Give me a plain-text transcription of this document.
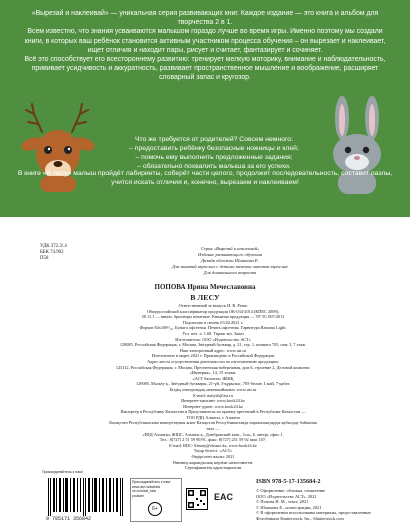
«Вырезай и наклеивай» — уникальная серия развивающих книг. Каждое издание — это книга и альбом для творчества 2 в 1.

Всем известно, что знания усваиваются малышом гораздо лучше во время игры. Именно поэтому мы создали книги, в которых ваш ребёнок становится активным участником процесса обучения – он вырезает и наклеивает, ищет отличия и находит пары, рисует и считает, фантазирует и сочиняет.

Всё это способствует его всестороннему развитию: тренирует мелкую моторику, внимание и наблюдательность, прививает усидчивость и аккуратность, развивает пространственное мышление и воображение, расширяет словарный запас и кругозор.

Что же требуется от родителей? Совсем немного:

– предоставить ребёнку безопасные ножницы и клей;

– помочь ему выполнить предложенные задания;

– обязательно похвалить малыша за его успехи.

В книге «В лесу» малыш пройдёт лабиринты, соберёт части целого, продолжит последовательность, составит пазлы, учится искать отличия и, конечно, вырезаем и наклеиваем!

УДК 372.3/.4
ББК 74.902
П58
Серия «Вырезай и наклеивай»
Издание развивающего обучения
Дизайн обложки Шашкова Е.
Для занятий взрослых с детьми тексты читают взрослые
Для дошкольного возраста
ПОПОВА Ирина Мечеславовна
В ЛЕСУ
Ответственный за выпуск И. В. Резко
Общероссийский классификатор продукции ОК-034-2014 (КПЕС 2008);
58.11.1 — книги, брошюры печатные. Книжная продукция — ТР ТС 007/2011
Подписано в печать 03.02.2021 г.
Формат 84x108¹/₁₆. Бумага офсетная. Печать офсетная. Гарнитура Ramona Light.
Усл. печ. л. 1,68. Тираж экз. Заказ
Изготовитель: ООО «Издательство АСТ»
129085, Российская Федерация, г. Москва, Звёздный бульвар, д. 21, стр. 1, комната 705, пом. I, 7 этаж.
Наш электронный адрес: www.ast.ru
Изготовлено в марте 2021 г. Произведено в Российской Федерации
Адрес места осуществления деятельности по изготовлению продукции:
123112, Российская Федерация, г. Москва, Пресненская набережная, дом 6, строение 2, Деловой комплекс «Империя», 14, 15 этажи.
«АСТ баспасы» ЖШҚ
129085, Мәскеу қ., Звёздный бульвары, 21-үй, 3-құрылыс, 705-бөлме, I жай, 7-қабат.
Біздің электрондық мекенжайымыз: www.ast.ru
E-mail: malysh@ast.ru
Интернет-магазин: www.book24.kz
Интернет-дүкен: www.book24.kz
Импортер в Республику Казахстан и Представитель по приему претензий в Республике Казахстан —
ТОО РДЦ Алматы, г. Алматы
Казақстан Республикасына импорттаушы және Казақстан Республикасында наразылықтарды қабылдау бойынша өкіл —
«РДЦ-Алматы» ЖШС, Алматы қ., Домбровский көш., 3«а», Б литері, офис 1.
Тел.: 8(727) 2 51 59 90/91, факс: 8(727) 251 59 92 ішкі 107;
E-mail: RDC-Almaty@eksmo.kz, www.book24.kz
Тауар белгісі: «АСТ»
Өндірілген жылы: 2021
Өнімнің жарамдылық мерзімі шектелмеген.
Сертификаттау қарастырылған
Присоединяйтесь к нам!
9 785171 356842
Присоединяйтесь к нам!
www.ast.ru/astkids
vk.com/ast_kids
youtube
6+
EAC
ISBN 978-5-17-135684-2
© Оформление, обложка, оглавление
ООО «Издательство АСТ», 2021
© Попова И. М., текст, 2021
© Шашкова Е., иллюстрации, 2021
© В оформлении использованы материалы, предоставленные
Фотобанком Shutterstock, Inc., Shutterstock.com
